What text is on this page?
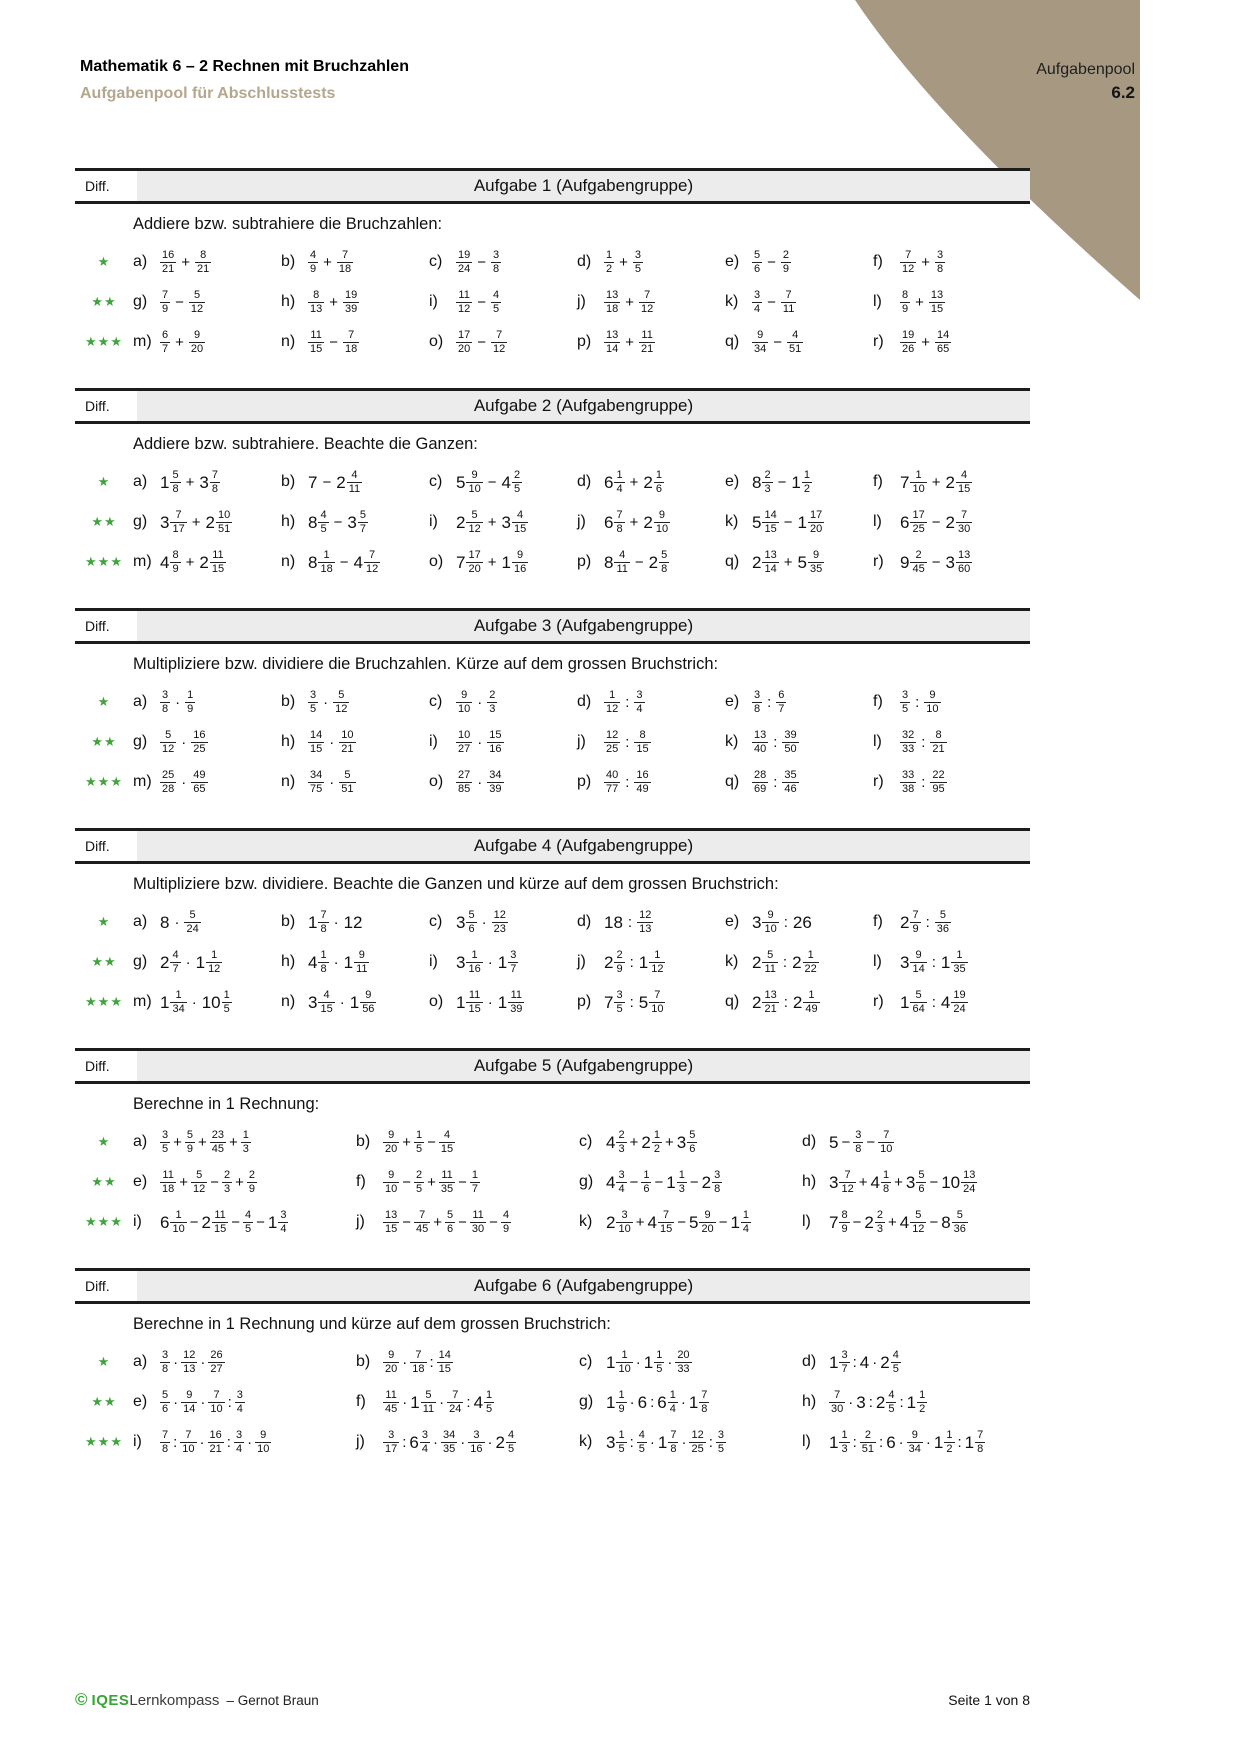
Aufgabenpool
6.2
Mathematik 6 – 2 Rechnen mit Bruchzahlen
Aufgabenpool für Abschlusstests
Diff.	Aufgabe 1 (Aufgabengruppe)
Addiere bzw. subtrahiere die Bruchzahlen:
★	a)	$\frac{16}{21} + \frac{8}{21}$	b)	$\frac{4}{9} + \frac{7}{18}$	c)	$\frac{19}{24} - \frac{3}{8}$	d)	$\frac{1}{2} + \frac{3}{5}$	e)	$\frac{5}{6} - \frac{2}{9}$	f)	$\frac{7}{12} + \frac{3}{8}$
★★	g)	$\frac{7}{9} - \frac{5}{12}$	h)	$\frac{8}{13} + \frac{19}{39}$	i)	$\frac{11}{12} - \frac{4}{5}$	j)	$\frac{13}{18} + \frac{7}{12}$	k)	$\frac{3}{4} - \frac{7}{11}$	l)	$\frac{8}{9} + \frac{13}{15}$
★★★ $m) \frac{6}{7} + \frac{9}{20}$	n)	$\frac{11}{15} - \frac{7}{18}$	o)	$\frac{17}{20} - \frac{7}{12}$	p)	$\frac{13}{14} + \frac{11}{21}$	q)	$\frac{9}{34} - \frac{4}{51}$	r)	$\frac{19}{26} + \frac{14}{65}$
Diff.	Aufgabe 2 (Aufgabengruppe)
Addiere bzw. subtrahiere. Beachte die Ganzen:
★	a) $1 \frac{5}{8} + 3 \frac{7}{8}$	b) $7 - 2 \frac{4}{11}$	c) $5 \frac{9}{10} - 4 \frac{2}{5}$	d) $6 \frac{1}{4} + 2 \frac{1}{6}$	e) $8 \frac{2}{3} - 1 \frac{1}{2}$	f)	$7 \frac{1}{10} + 2 \frac{4}{15}$
★★	g) $3 \frac{7}{17} + 2 \frac{10}{51}$	h) $8 \frac{4}{5} - 3 \frac{5}{7}$	i)	$2 \frac{5}{12} + 3 \frac{4}{15}$	j)	$6 \frac{7}{8} + 2 \frac{9}{10}$	k) $5 \frac{14}{15} - 1 \frac{17}{20}$	l)	$6 \frac{17}{25} - 2 \frac{7}{30}$
★★★ m) $4 \frac{8}{9} + 2 \frac{11}{15}$	n) $8 \frac{1}{18} - 4 \frac{7}{12}$	o) $7 \frac{17}{20} + 1 \frac{9}{16}$	p) $8 \frac{4}{11} - 2 \frac{5}{8}$	q) $2 \frac{13}{14} + 5 \frac{9}{35}$	r) $9 \frac{2}{45} - 3 \frac{13}{60}$
Diff.	Aufgabe 3 (Aufgabengruppe)
Multipliziere bzw. dividiere die Bruchzahlen. Kürze auf dem grossen Bruchstrich:
★	a)	$\frac{3}{8} \cdot \frac{1}{9}$	b)	$\frac{3}{5} \cdot \frac{5}{12}$	c)	$\frac{9}{10} \cdot \frac{2}{3}$	d)	$\frac{1}{12}$ : $\frac{3}{4}$	e)	$\frac{3}{8}$ : $\frac{6}{7}$	f)	$\frac{3}{5}$ : $\frac{9}{10}$
★★	g)	$\frac{5}{12} \cdot \frac{16}{25}$	h)	$\frac{14}{15} \cdot \frac{10}{21}$	i)	$\frac{10}{27} \cdot \frac{15}{16}$	j)	$\frac{12}{25}$ : $\frac{8}{15}$	k)	$\frac{13}{40}$ : $\frac{39}{50}$	l)	$\frac{32}{33}$ : $\frac{8}{21}$
★★★ $m) \frac{25}{28} \cdot \frac{49}{65}$	n)	$\frac{34}{75} \cdot \frac{5}{51}$	o)	$\frac{27}{85} \cdot \frac{34}{39}$	p)	$\frac{40}{77}$ : $\frac{16}{49}$	q)	$\frac{28}{69}$ : $\frac{35}{46}$	r)	$\frac{33}{38}$ : $\frac{22}{95}$
Diff.	Aufgabe 4 (Aufgabengruppe)
Multipliziere bzw. dividiere. Beachte die Ganzen und kürze auf dem grossen Bruchstrich:
★	a) $8 \cdot \frac{5}{24}$	b) $1 \frac{7}{8} \cdot 12$	c) $3 \frac{5}{6} \cdot \frac{12}{23}$	d) 18 : $\frac{12}{13}$	e) $3 \frac{9}{10}$ : 26	f)	$2 \frac{7}{9}$ : $\frac{5}{36}$
★★	g) $2 \frac{4}{7} \cdot 1 \frac{1}{12}$	h) $4 \frac{1}{8} \cdot 1 \frac{9}{11}$	i)	$3 \frac{1}{16} \cdot 1 \frac{3}{7}$	j)	$2 \frac{2}{9}$ : $1 \frac{1}{12}$	k) $2 \frac{5}{11}$ : $2 \frac{1}{22}$	l)	$3 \frac{9}{14}$ : $1 \frac{1}{35}$
★★★ m) $1 \frac{1}{34} \cdot 10 \frac{1}{5}$	n) $3 \frac{4}{15} \cdot 1 \frac{9}{56}$	o) $1 \frac{11}{15} \cdot 1 \frac{11}{39}$	p) $7 \frac{3}{5}$ : $5 \frac{7}{10}$	q) $2 \frac{13}{21}$ : $2 \frac{1}{49}$	r) $1 \frac{5}{64}$ : $4 \frac{19}{24}$
Diff.	Aufgabe 5 (Aufgabengruppe)
Berechne in 1 Rechnung:
★	a)	$\frac{3}{5} + \frac{5}{9} + \frac{23}{45} + \frac{1}{3}$	b)	$\frac{9}{20} + \frac{1}{5} - \frac{4}{15}$	c) $4 \frac{2}{3} + 2 \frac{1}{2} + 3 \frac{5}{6}$	d) $5 - \frac{3}{8} - \frac{7}{10}$
★★	e)	$\frac{11}{18} + \frac{5}{12} - \frac{2}{3} + \frac{2}{9}$	f)	$\frac{9}{10} - \frac{2}{5} + \frac{11}{35} - \frac{1}{7}$	g) $4 \frac{3}{4} - \frac{1}{6} - 1 \frac{1}{3} - 2 \frac{3}{8}$	h) $3 \frac{7}{12} + 4 \frac{1}{8} + 3 \frac{5}{6} - 10 \frac{13}{24}$
★★★ i)	$6 \frac{1}{10} - 2 \frac{11}{15} - \frac{4}{5} - 1 \frac{3}{4}$	j)	$\frac{13}{15} - \frac{7}{45} + \frac{5}{6} - \frac{11}{30} - \frac{4}{9}$	k) $2 \frac{3}{10} + 4 \frac{7}{15} - 5 \frac{9}{20} - 1 \frac{1}{4}$	l)	$7 \frac{8}{9} - 2 \frac{2}{3} + 4 \frac{5}{12} - 8 \frac{5}{36}$
Diff.	Aufgabe 6 (Aufgabengruppe)
Berechne in 1 Rechnung und kürze auf dem grossen Bruchstrich:
★	a)	$\frac{3}{8} \cdot \frac{12}{13} \cdot \frac{26}{27}$	b)	$\frac{9}{20} \cdot \frac{7}{18}$ : $\frac{14}{15}$	c) $1 \frac{1}{10} \cdot 1 \frac{1}{5} \cdot \frac{20}{33}$	d) $1 \frac{3}{7}$ : $4 \cdot 2 \frac{4}{5}$
★★	e)	$\frac{5}{6} \cdot \frac{9}{14} \cdot \frac{7}{10}$ : $\frac{3}{4}$	f)	$\frac{11}{45} \cdot 1 \frac{5}{11} \cdot \frac{7}{24}$ : $4 \frac{1}{5}$	g) $1 \frac{1}{9} \cdot 6$ : $6 \frac{1}{4} \cdot 1 \frac{7}{8}$	h)	$\frac{7}{30} \cdot 3$ : $2 \frac{4}{5}$ : $1 \frac{1}{2}$
★★★ i)	$\frac{7}{8}$ : $\frac{7}{10} \cdot \frac{16}{21}$ : $\frac{3}{4} \cdot \frac{9}{10}$	j)	$\frac{3}{17}$ : $6 \frac{3}{4} \cdot \frac{34}{35} \cdot \frac{3}{16} \cdot 2 \frac{4}{5}$	k) $3 \frac{1}{5}$ : $\frac{4}{5} \cdot 1 \frac{7}{8} \cdot \frac{12}{25}$ : $\frac{3}{5}$	l)	$1 \frac{1}{3}$ : $\frac{2}{51}$ : $6 \cdot \frac{9}{34} \cdot 1 \frac{1}{2}$ : $1 \frac{7}{8}$
© IQES Lernkompass – Gernot Braun	Seite 1 von 8
